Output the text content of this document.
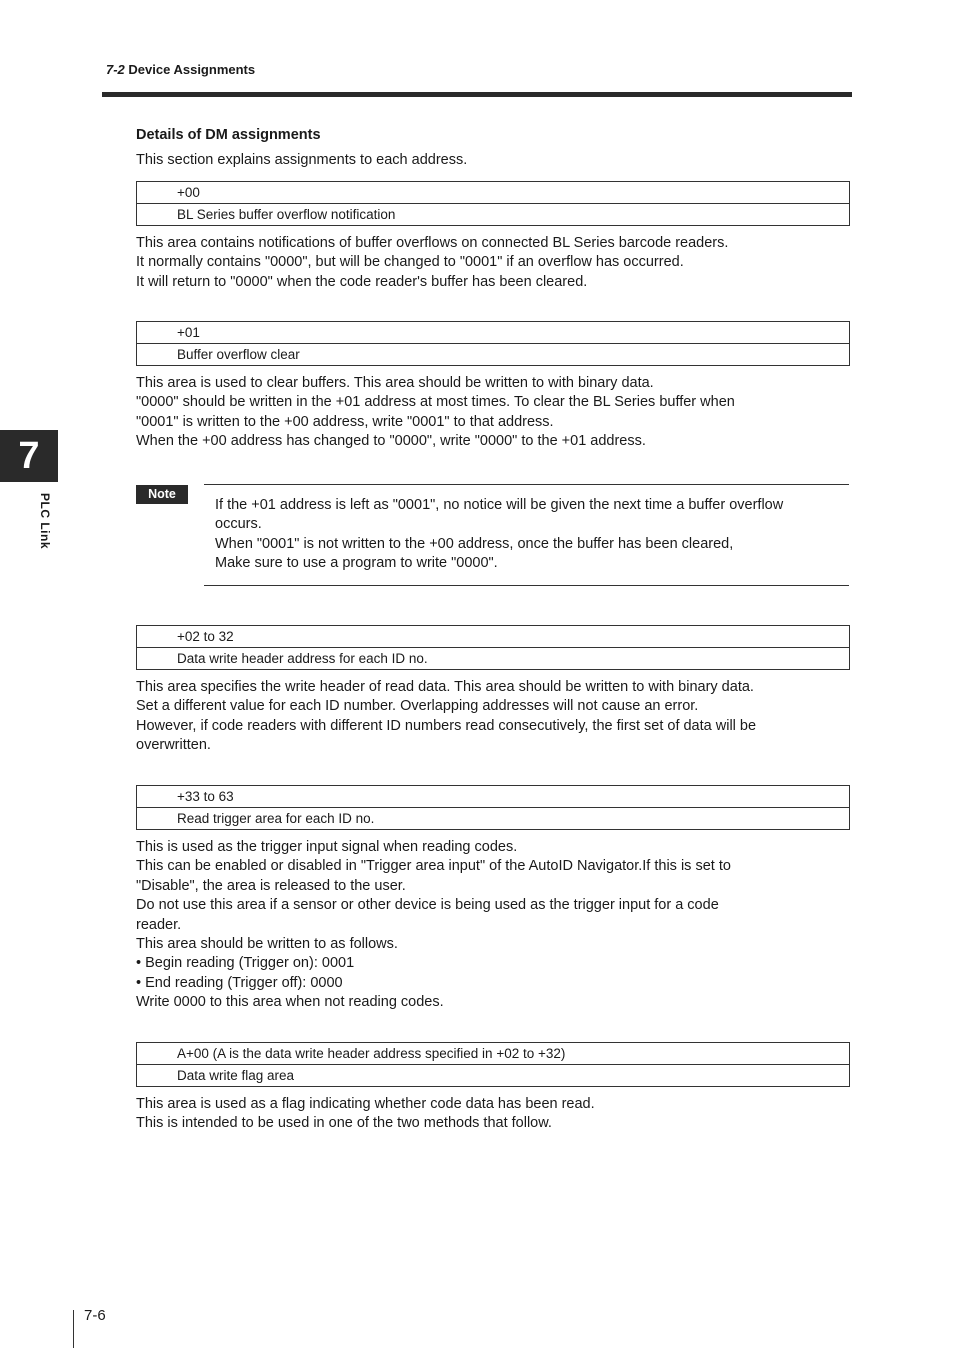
7-2 Device Assignments
7
PLC Link
Details of DM assignments
This section explains assignments to each address.
+00
BL Series buffer overflow notification
This area contains notifications of buffer overflows on connected BL Series barcode readers.
It normally contains "0000", but will be changed to "0001" if an overflow has occurred.
It will return to "0000" when the code reader's buffer has been cleared.
+01
Buffer overflow clear
This area is used to clear buffers. This area should be written to with binary data.
"0000" should be written in the +01 address at most times. To clear the BL Series buffer when
"0001" is written to the +00 address, write "0001" to that address.
When the +00 address has changed to "0000", write "0000" to the +01 address.
Note
If the +01 address is left as "0001", no notice will be given the next time a buffer overflow
occurs.
When "0001" is not written to the +00 address, once the buffer has been cleared,
Make sure to use a program to write "0000".
+02 to 32
Data write header address for each ID no.
This area specifies the write header of read data. This area should be written to with binary data.
Set a different value for each ID number. Overlapping addresses will not cause an error.
However, if code readers with different ID numbers read consecutively, the first set of data will be
overwritten.
+33 to 63
Read trigger area for each ID no.
This is used as the trigger input signal when reading codes.
This can be enabled or disabled in "Trigger area input" of the AutoID Navigator.If this is set to
"Disable", the area is released to the user.
Do not use this area if a sensor or other device is being used as the trigger input for a code
reader.
This area should be written to as follows.
• Begin reading (Trigger on): 0001
• End reading (Trigger off): 0000
Write 0000 to this area when not reading codes.
A+00 (A is the data write header address specified in +02 to +32)
Data write flag area
This area is used as a flag indicating whether code data has been read.
This is intended to be used in one of the two methods that follow.
7-6
